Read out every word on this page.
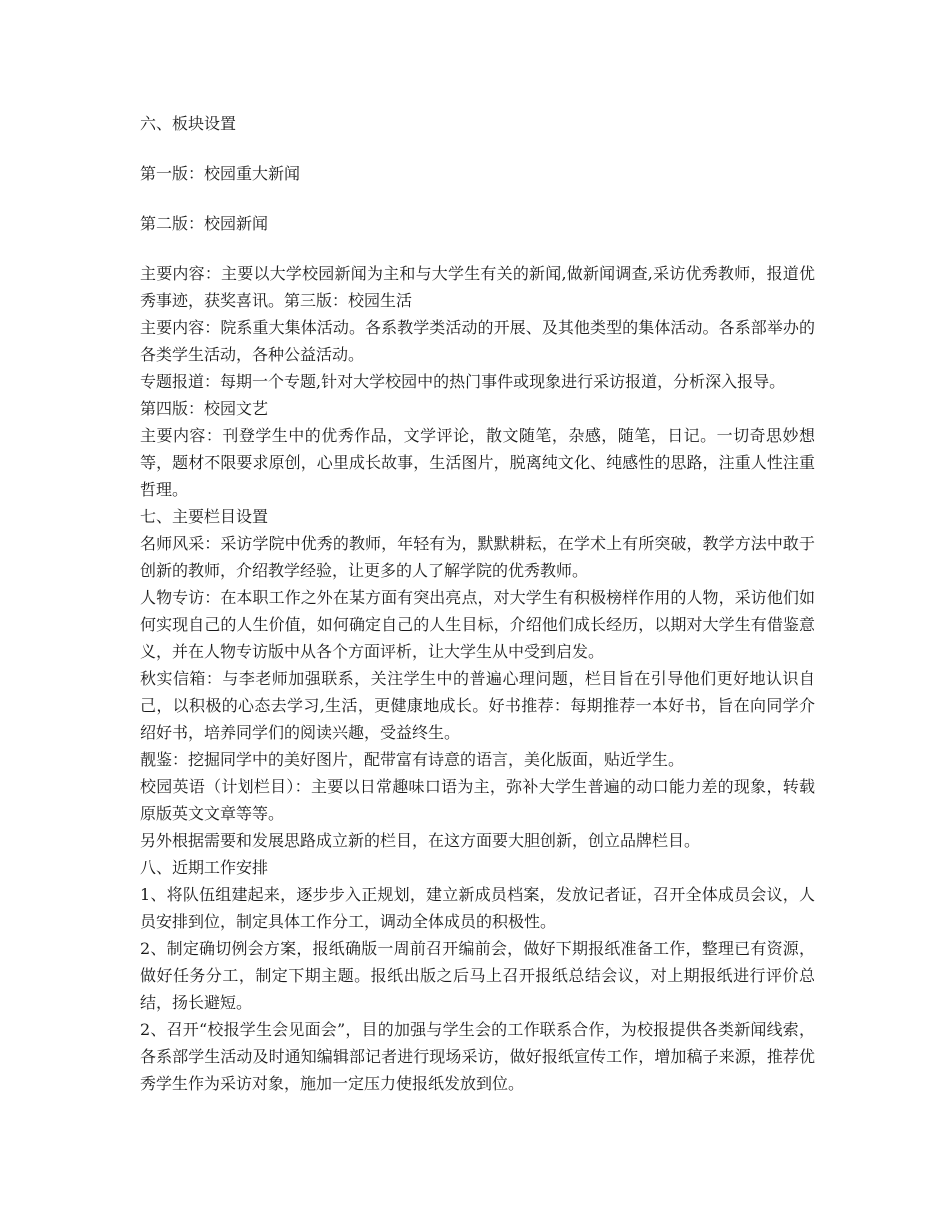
六、板块设置

第一版：校园重大新闻

第二版：校园新闻

主要内容：主要以大学校园新闻为主和与大学生有关的新闻,做新闻调查,采访优秀教师，报道优秀事迹，获奖喜讯。第三版：校园生活

主要内容：院系重大集体活动。各系教学类活动的开展、及其他类型的集体活动。各系部举办的各类学生活动，各种公益活动。

专题报道：每期一个专题,针对大学校园中的热门事件或现象进行采访报道，分析深入报导。

第四版：校园文艺

主要内容：刊登学生中的优秀作品，文学评论，散文随笔，杂感，随笔，日记。一切奇思妙想等，题材不限要求原创，心里成长故事，生活图片，脱离纯文化、纯感性的思路，注重人性注重哲理。

七、主要栏目设置

名师风采：采访学院中优秀的教师，年轻有为，默默耕耘，在学术上有所突破，教学方法中敢于创新的教师，介绍教学经验，让更多的人了解学院的优秀教师。

人物专访：在本职工作之外在某方面有突出亮点，对大学生有积极榜样作用的人物，采访他们如何实现自己的人生价值，如何确定自己的人生目标，介绍他们成长经历，以期对大学生有借鉴意义，并在人物专访版中从各个方面评析，让大学生从中受到启发。

秋实信箱：与李老师加强联系，关注学生中的普遍心理问题，栏目旨在引导他们更好地认识自己，以积极的心态去学习,生活，更健康地成长。好书推荐：每期推荐一本好书，旨在向同学介绍好书，培养同学们的阅读兴趣，受益终生。

靓鉴：挖掘同学中的美好图片，配带富有诗意的语言，美化版面，贴近学生。

校园英语（计划栏目）：主要以日常趣味口语为主，弥补大学生普遍的动口能力差的现象，转载原版英文文章等等。

另外根据需要和发展思路成立新的栏目，在这方面要大胆创新，创立品牌栏目。

八、近期工作安排

1、将队伍组建起来，逐步步入正规划，建立新成员档案，发放记者证，召开全体成员会议，人员安排到位，制定具体工作分工，调动全体成员的积极性。

2、制定确切例会方案，报纸确版一周前召开编前会，做好下期报纸准备工作，整理已有资源，做好任务分工，制定下期主题。报纸出版之后马上召开报纸总结会议，对上期报纸进行评价总结，扬长避短。

2、召开“校报学生会见面会”，目的加强与学生会的工作联系合作，为校报提供各类新闻线索，各系部学生活动及时通知编辑部记者进行现场采访，做好报纸宣传工作，增加稿子来源，推荐优秀学生作为采访对象，施加一定压力使报纸发放到位。
